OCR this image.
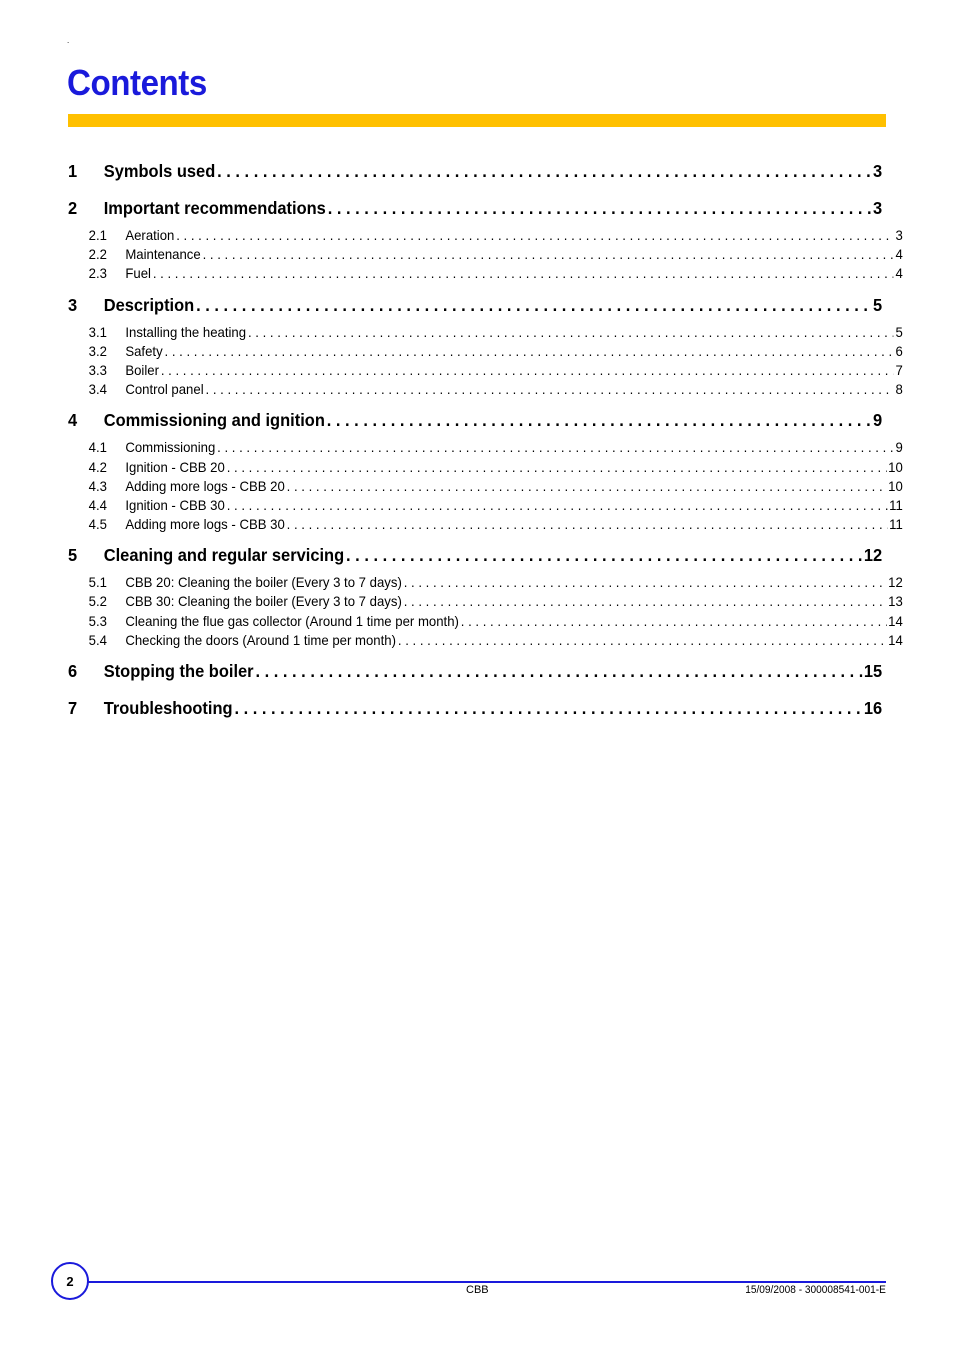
.
Contents
1	Symbols used . . .	3
2	Important recommendations . . .	3
2.1	Aeration . . .	3
2.2	Maintenance . . .	4
2.3	Fuel . . .	4
3	Description . . .	5
3.1	Installing the heating . . .	5
3.2	Safety . . .	6
3.3	Boiler . . .	7
3.4	Control panel . . .	8
4	Commissioning and ignition . . .	9
4.1	Commissioning . . .	9
4.2	Ignition - CBB 20 . . .	10
4.3	Adding more logs - CBB 20 . . .	10
4.4	Ignition - CBB 30 . . .	11
4.5	Adding more logs - CBB 30 . . .	11
5	Cleaning and regular servicing . . .	12
5.1	CBB 20: Cleaning the boiler (Every 3 to 7 days) . . .	12
5.2	CBB 30: Cleaning the boiler (Every 3 to 7 days) . . .	13
5.3	Cleaning the flue gas collector (Around 1 time per month) . . .	14
5.4	Checking the doors (Around 1 time per month) . . .	14
6	Stopping the boiler . . .	15
7	Troubleshooting . . .	16
2
CBB	15/09/2008 - 300008541-001-E
